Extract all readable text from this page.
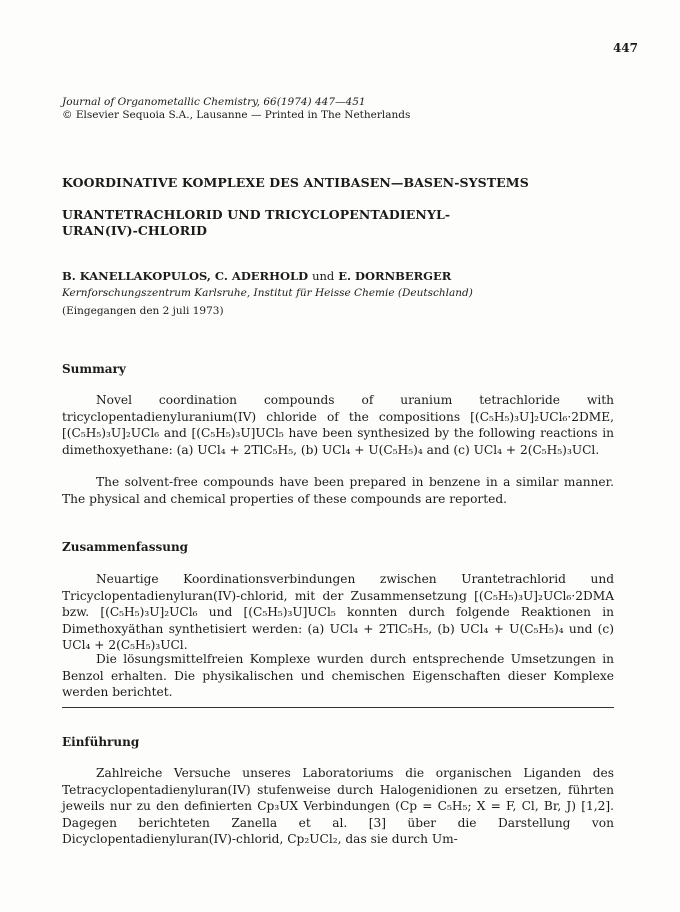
447
Journal of Organometallic Chemistry, 66(1974) 447—451
© Elsevier Sequoia S.A., Lausanne — Printed in The Netherlands
KOORDINATIVE KOMPLEXE DES ANTIBASEN—BASEN-SYSTEMS
URANTETRACHLORID UND TRICYCLOPENTADIENYL-URAN(IV)-CHLORID
B. KANELLAKOPULOS, C. ADERHOLD und E. DORNBERGER
Kernforschungszentrum Karlsruhe, Institut für Heisse Chemie (Deutschland)
(Eingegangen den 2 juli 1973)
Summary
Novel coordination compounds of uranium tetrachloride with tricyclopentadienyluranium(IV) chloride of the compositions [(C₅H₅)₃U]₂UCl₆·2DME, [(C₅H₅)₃U]₂UCl₆ and [(C₅H₅)₃U]UCl₅ have been synthesized by the following reactions in dimethoxyethane: (a) UCl₄ + 2TlC₅H₅, (b) UCl₄ + U(C₅H₅)₄ and (c) UCl₄ + 2(C₅H₅)₃UCl.
The solvent-free compounds have been prepared in benzene in a similar manner. The physical and chemical properties of these compounds are reported.
Zusammenfassung
Neuartige Koordinationsverbindungen zwischen Urantetrachlorid und Tricyclopentadienyluran(IV)-chlorid, mit der Zusammensetzung [(C₅H₅)₃U]₂UCl₆·2DMA bzw. [(C₅H₅)₃U]₂UCl₆ und [(C₅H₅)₃U]UCl₅ konnten durch folgende Reaktionen in Dimethoxyäthan synthetisiert werden: (a) UCl₄ + 2TlC₅H₅, (b) UCl₄ + U(C₅H₅)₄ und (c) UCl₄ + 2(C₅H₅)₃UCl.
Die lösungsmittelfreien Komplexe wurden durch entsprechende Umsetzungen in Benzol erhalten. Die physikalischen und chemischen Eigenschaften dieser Komplexe werden berichtet.
Einführung
Zahlreiche Versuche unseres Laboratoriums die organischen Liganden des Tetracyclopentadienyluran(IV) stufenweise durch Halogenidionen zu ersetzen, führten jeweils nur zu den definierten Cp₃UX Verbindungen (Cp = C₅H₅; X = F, Cl, Br, J) [1,2]. Dagegen berichteten Zanella et al. [3] über die Darstellung von Dicyclopentadienyluran(IV)-chlorid, Cp₂UCl₂, das sie durch Um-
